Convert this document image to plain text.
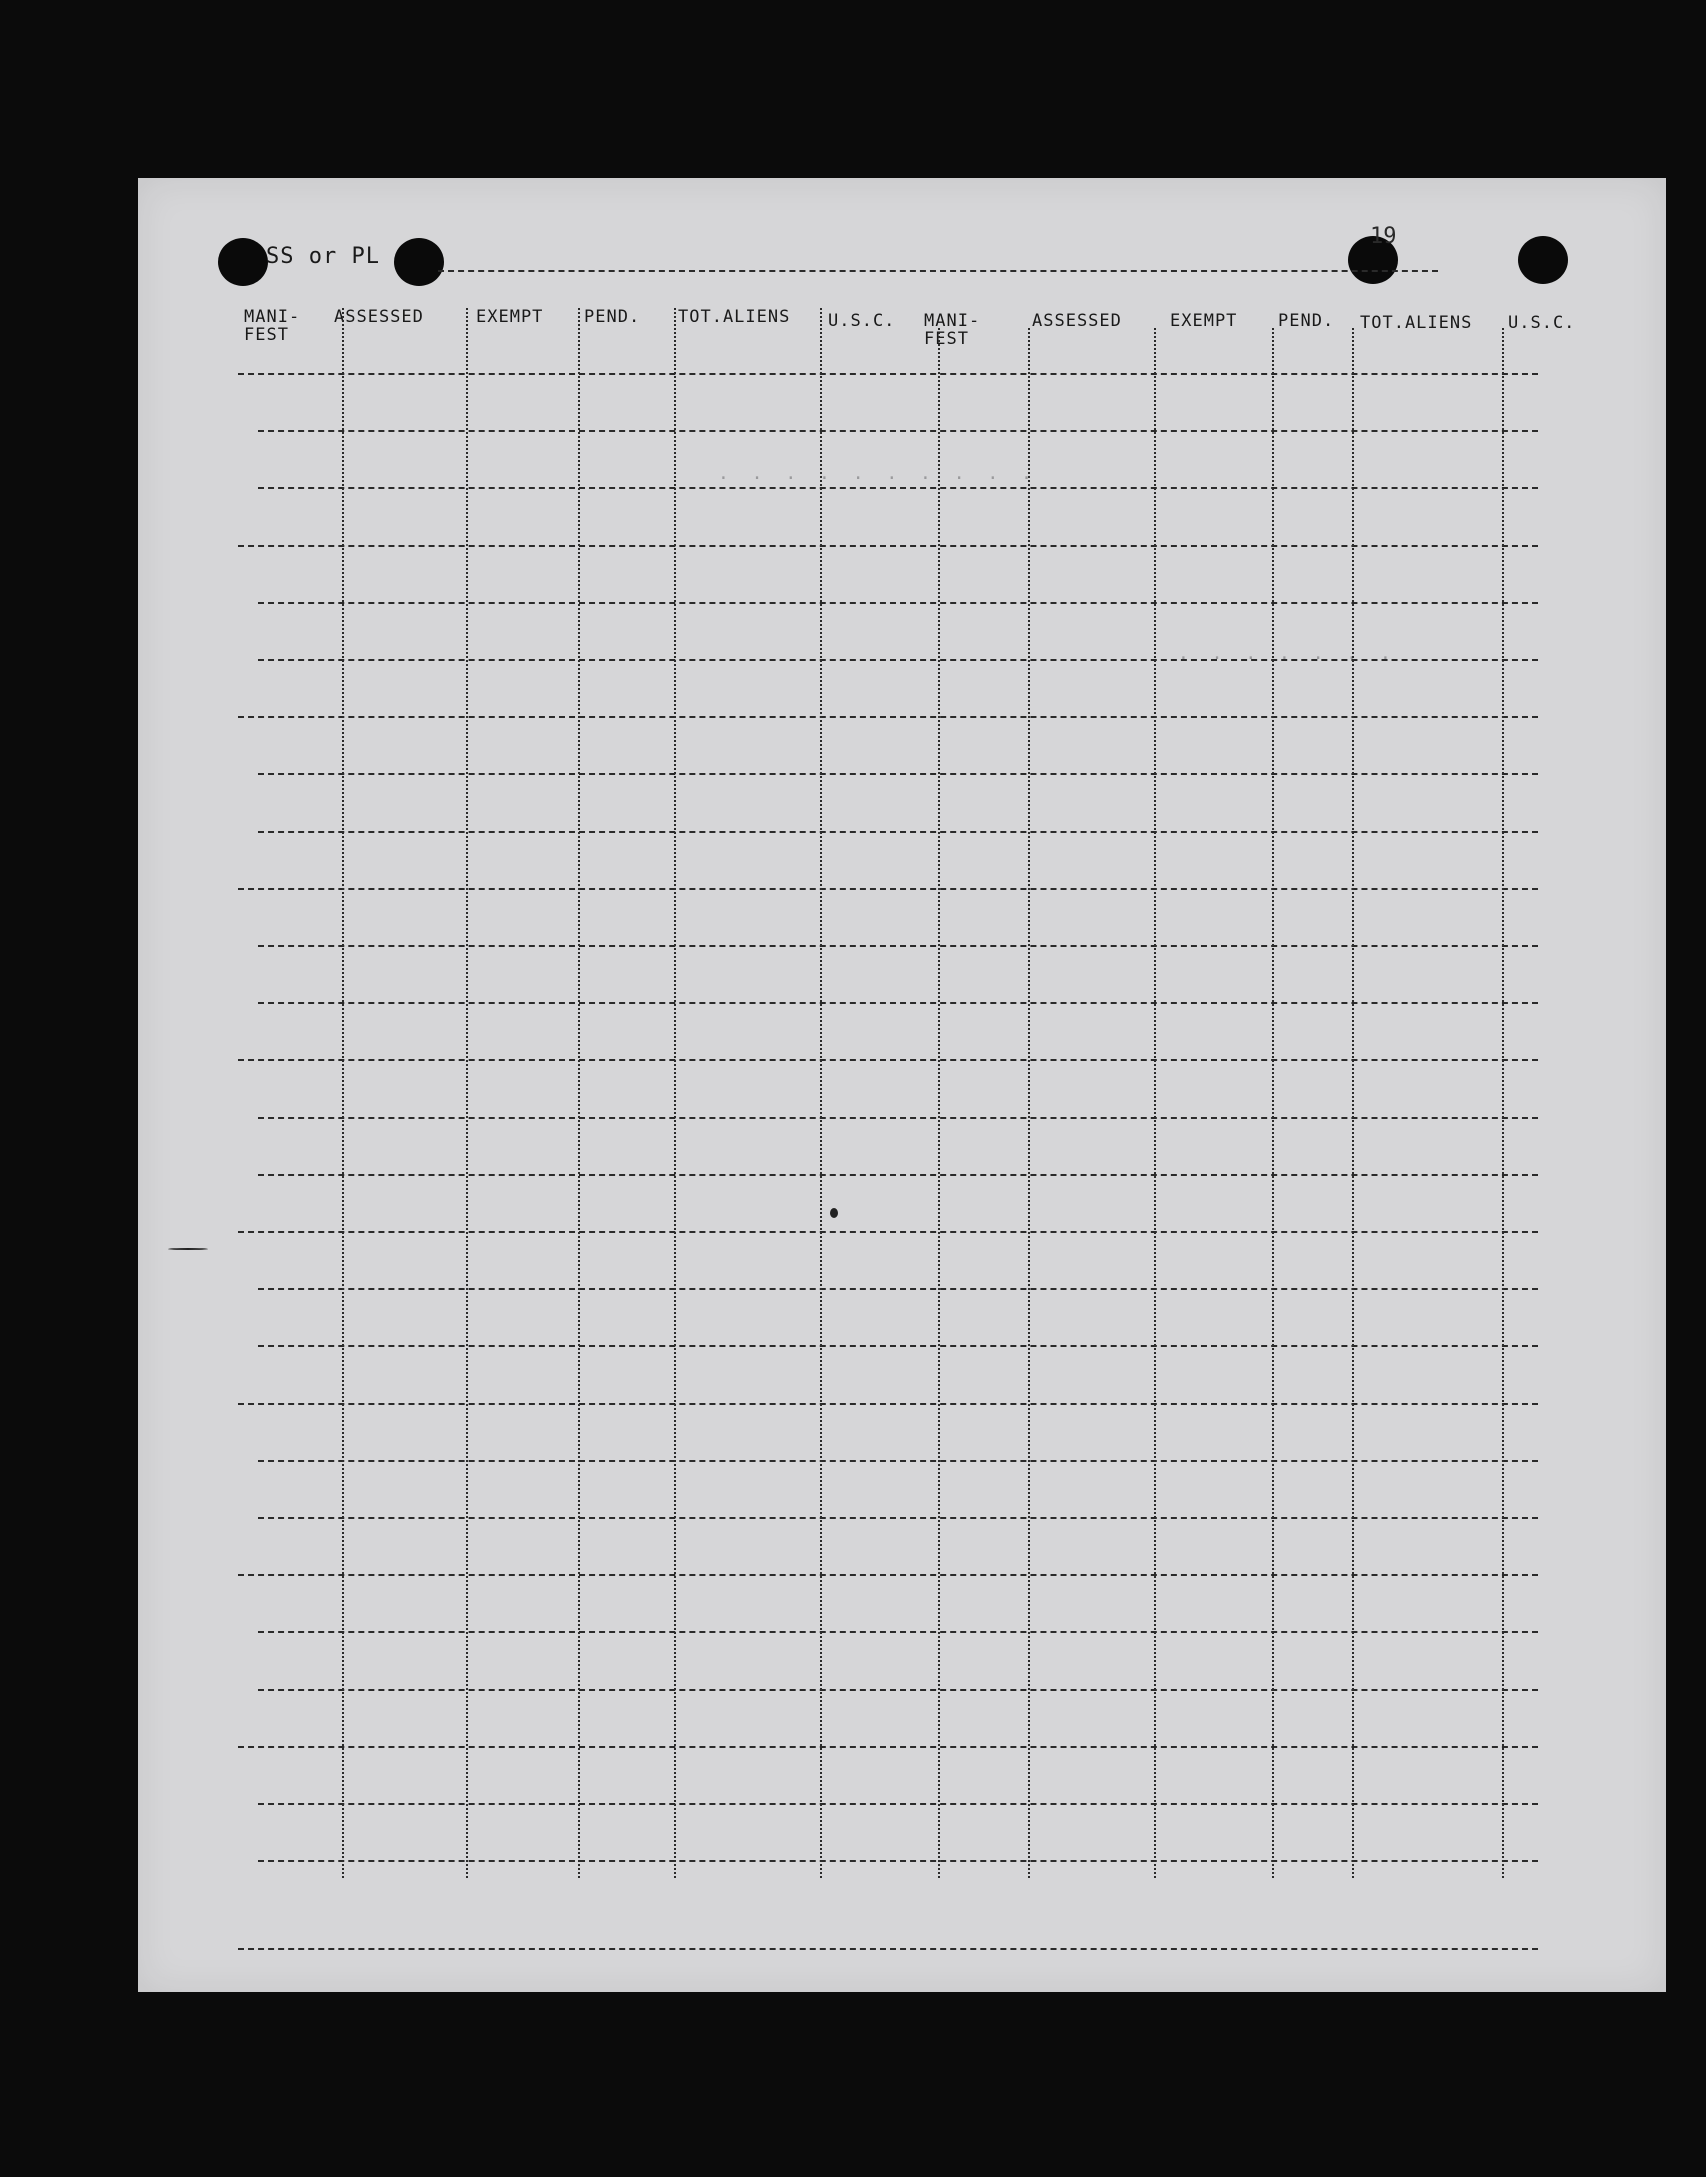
SS or PL
19
· · · · · · · · · ·
· · · · · · ·
MANI-
FEST
ASSESSED	EXEMPT PEND. TOT.ALIENS U.S.C. MANI-
FEST
ASSESSED	EXEMPT PEND. TOT.ALIENS U.S.C.
